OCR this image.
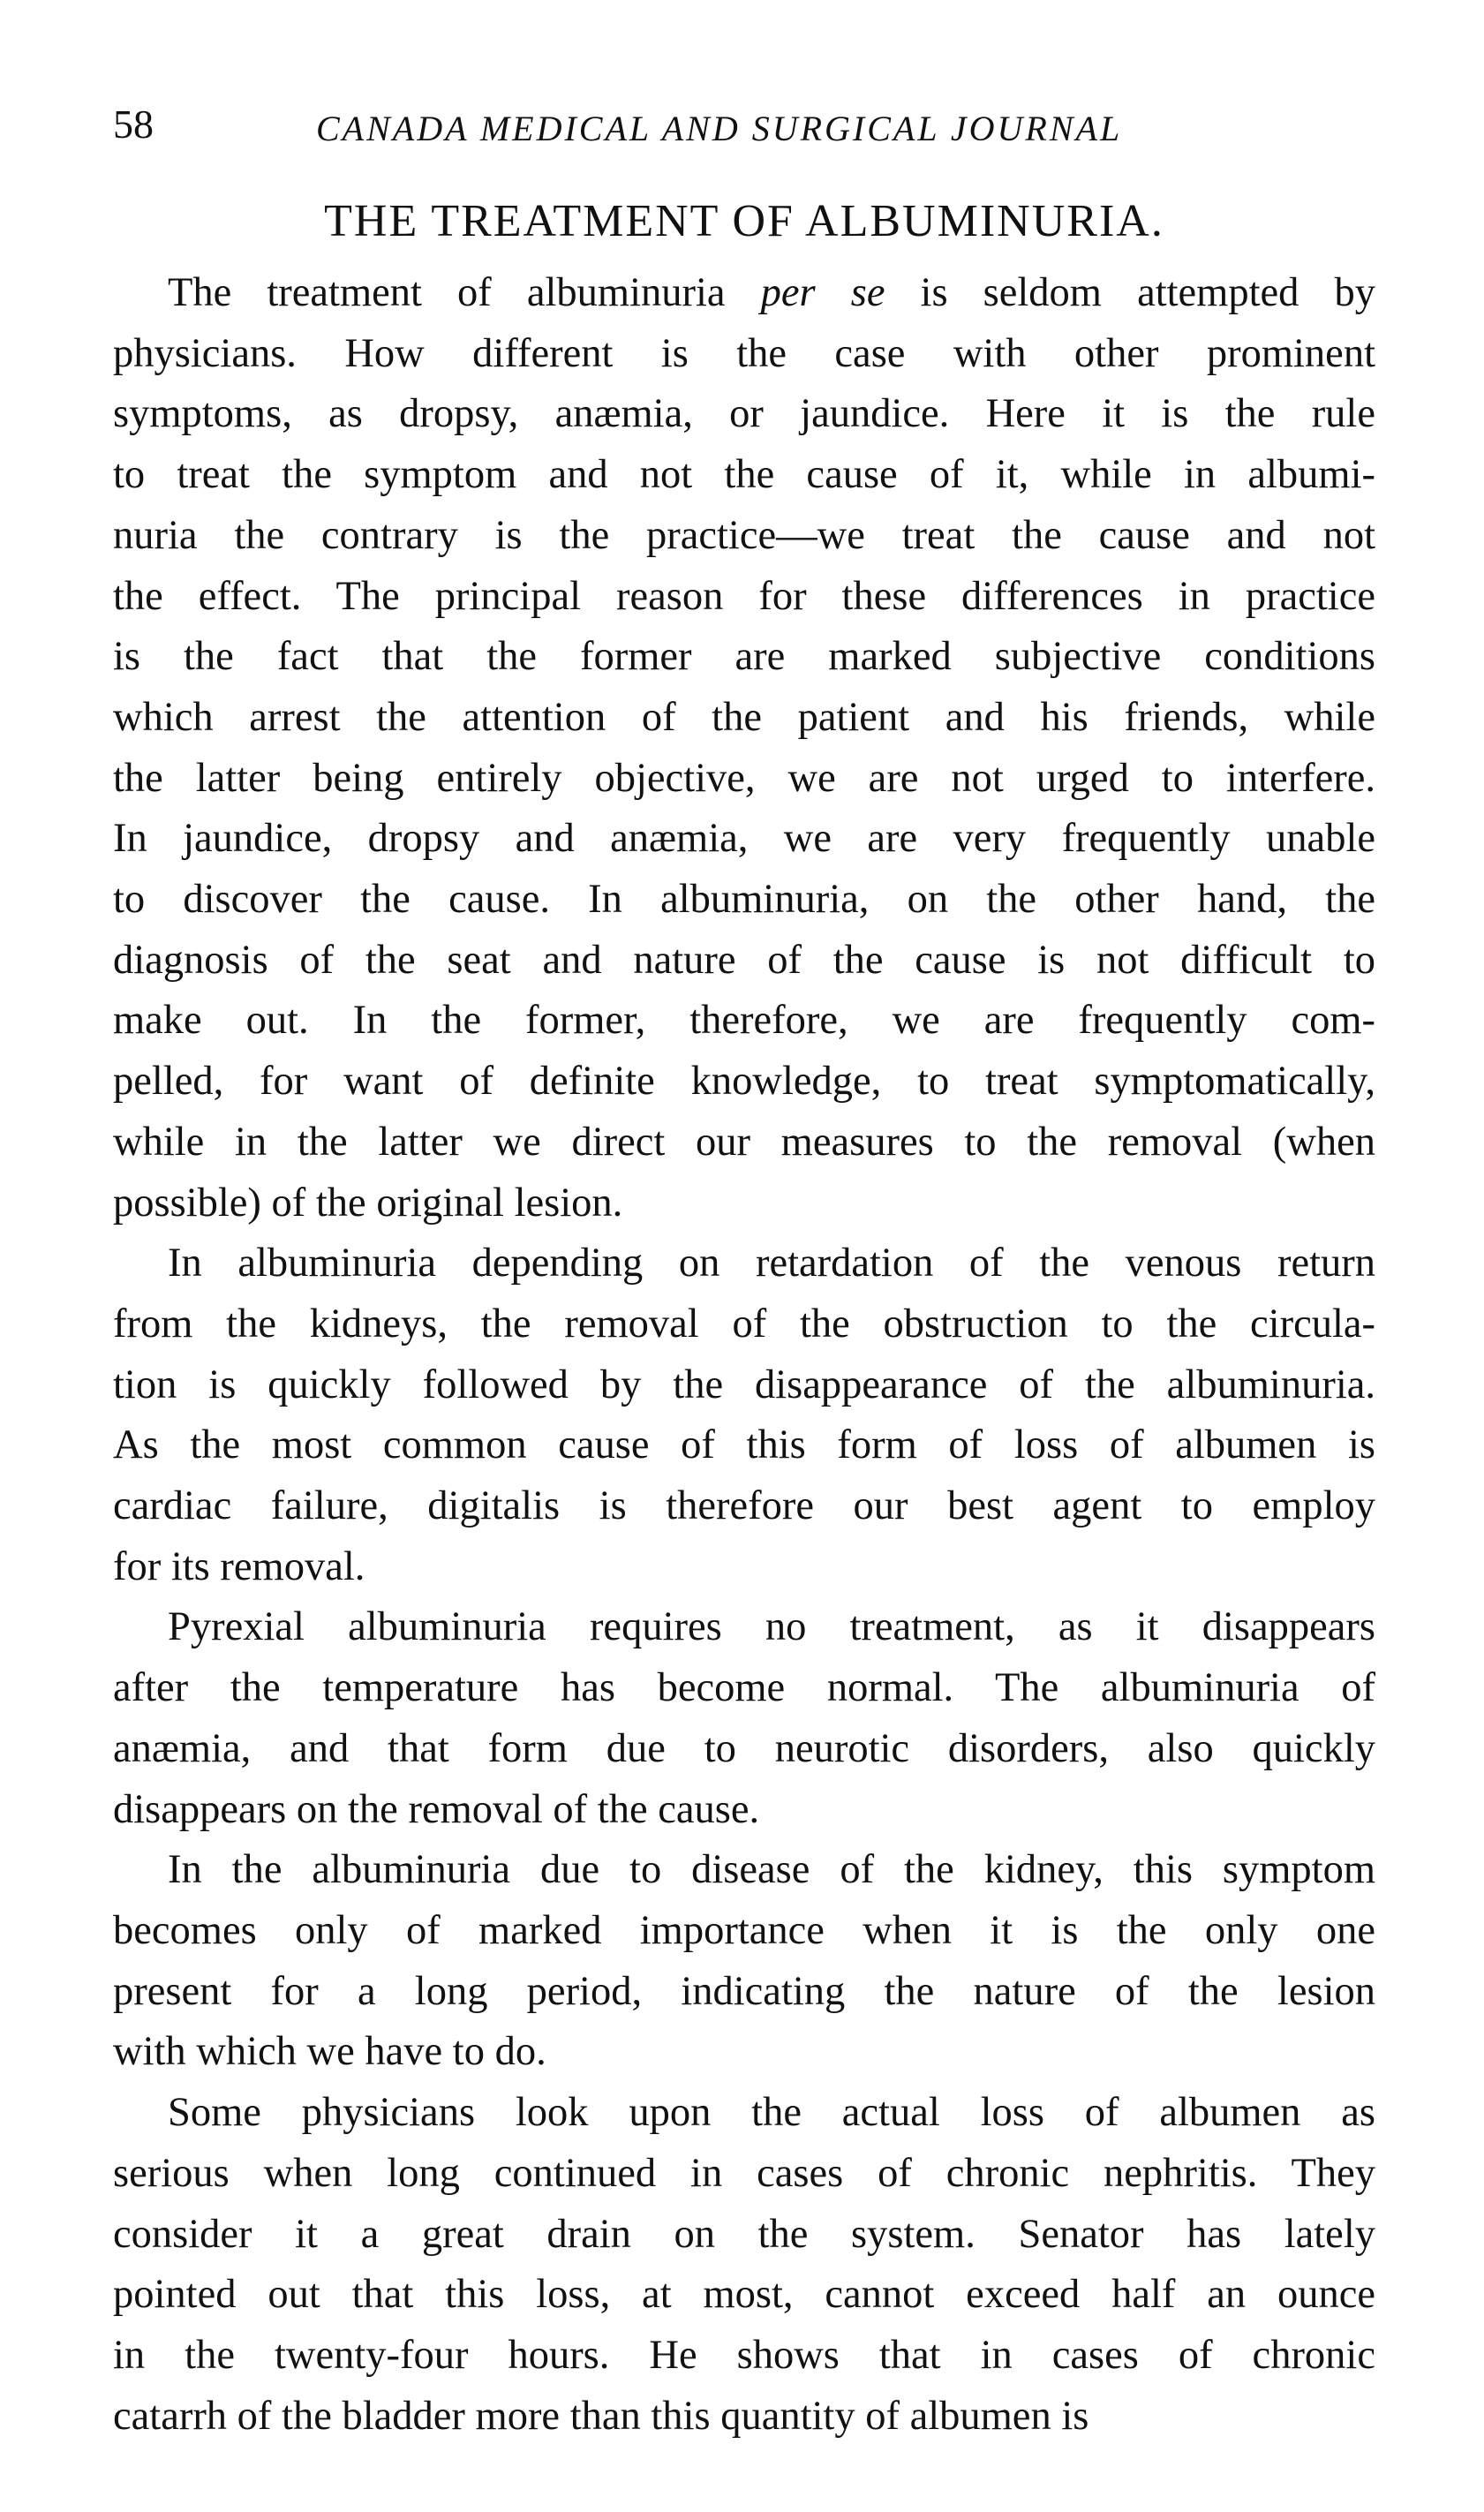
58	CANADA MEDICAL AND SURGICAL JOURNAL
THE TREATMENT OF ALBUMINURIA.
The treatment of albuminuria per se is seldom attempted by
physicians. How different is the case with other prominent
symptoms, as dropsy, anæmia, or jaundice. Here it is the rule
to treat the symptom and not the cause of it, while in albumi-
nuria the contrary is the practice—we treat the cause and not
the effect. The principal reason for these differences in practice
is the fact that the former are marked subjective conditions
which arrest the attention of the patient and his friends, while
the latter being entirely objective, we are not urged to interfere.
In jaundice, dropsy and anæmia, we are very frequently unable
to discover the cause. In albuminuria, on the other hand, the
diagnosis of the seat and nature of the cause is not difficult to
make out. In the former, therefore, we are frequently com-
pelled, for want of definite knowledge, to treat symptomatically,
while in the latter we direct our measures to the removal (when
possible) of the original lesion.
In albuminuria depending on retardation of the venous return
from the kidneys, the removal of the obstruction to the circula-
tion is quickly followed by the disappearance of the albuminuria.
As the most common cause of this form of loss of albumen is
cardiac failure, digitalis is therefore our best agent to employ
for its removal.
Pyrexial albuminuria requires no treatment, as it disappears
after the temperature has become normal. The albuminuria of
anæmia, and that form due to neurotic disorders, also quickly
disappears on the removal of the cause.
In the albuminuria due to disease of the kidney, this symptom
becomes only of marked importance when it is the only one
present for a long period, indicating the nature of the lesion
with which we have to do.
Some physicians look upon the actual loss of albumen as
serious when long continued in cases of chronic nephritis. They
consider it a great drain on the system. Senator has lately
pointed out that this loss, at most, cannot exceed half an ounce
in the twenty-four hours. He shows that in cases of chronic
catarrh of the bladder more than this quantity of albumen is
